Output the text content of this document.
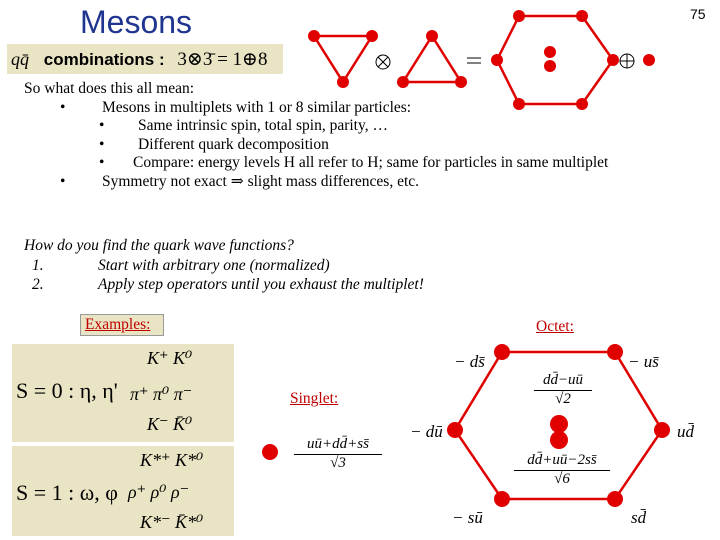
Mesons	75
qq̄ combinations : 3⊗3̄ = 1⊕8
So what does this all mean:
• Mesons in multiplets with 1 or 8 similar particles:
• Same intrinsic spin, total spin, parity, …
• Different quark decomposition
• Compare: energy levels H all refer to H; same for particles in same multiplet
• Symmetry not exact ⇒ slight mass differences, etc.
How do you find the quark wave functions?
1.	Start with arbitrary one (normalized)
2.	Apply step operators until you exhaust the multiplet!
Examples:	Octet:
Singlet:
K⁺ K⁰
S = 0 : η, η' π⁺ π⁰ π⁻
K⁻ K̄⁰
K*⁺ K*⁰
S = 1 : ω, φ ρ⁺ ρ⁰ ρ⁻
K*⁻ K̄*⁰
uū+dd̄+ss̄
√3
− ds̄	− us̄
− dū	ud̄
− sū	sd̄
dd̄−uū
√2
dd̄+uū−2ss̄
√6
